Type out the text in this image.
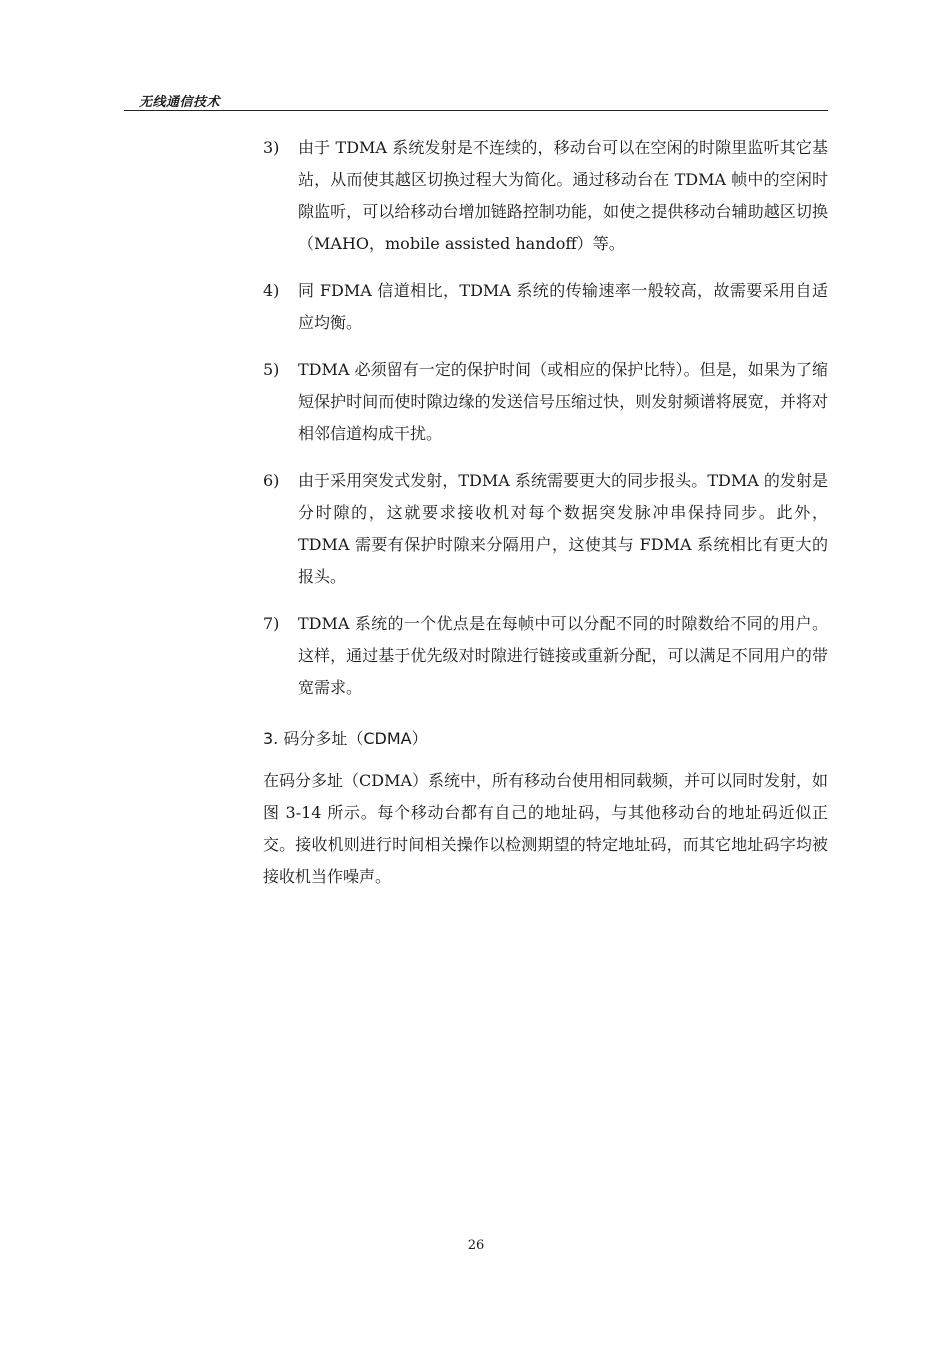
无线通信技术
3) 由于 TDMA 系统发射是不连续的，移动台可以在空闲的时隙里监听其它基站，从而使其越区切换过程大为简化。通过移动台在 TDMA 帧中的空闲时隙监听，可以给移动台增加链路控制功能，如使之提供移动台辅助越区切换（MAHO，mobile assisted handoff）等。
4) 同 FDMA 信道相比，TDMA 系统的传输速率一般较高，故需要采用自适应均衡。
5) TDMA 必须留有一定的保护时间（或相应的保护比特）。但是，如果为了缩短保护时间而使时隙边缘的发送信号压缩过快，则发射频谱将展宽，并将对相邻信道构成干扰。
6) 由于采用突发式发射，TDMA 系统需要更大的同步报头。TDMA 的发射是分时隙的，这就要求接收机对每个数据突发脉冲串保持同步。此外，TDMA 需要有保护时隙来分隔用户，这使其与 FDMA 系统相比有更大的报头。
7) TDMA 系统的一个优点是在每帧中可以分配不同的时隙数给不同的用户。这样，通过基于优先级对时隙进行链接或重新分配，可以满足不同用户的带宽需求。
3. 码分多址（CDMA）
在码分多址（CDMA）系统中，所有移动台使用相同载频，并可以同时发射，如图 3-14 所示。每个移动台都有自己的地址码，与其他移动台的地址码近似正交。接收机则进行时间相关操作以检测期望的特定地址码，而其它地址码字均被接收机当作噪声。
26
